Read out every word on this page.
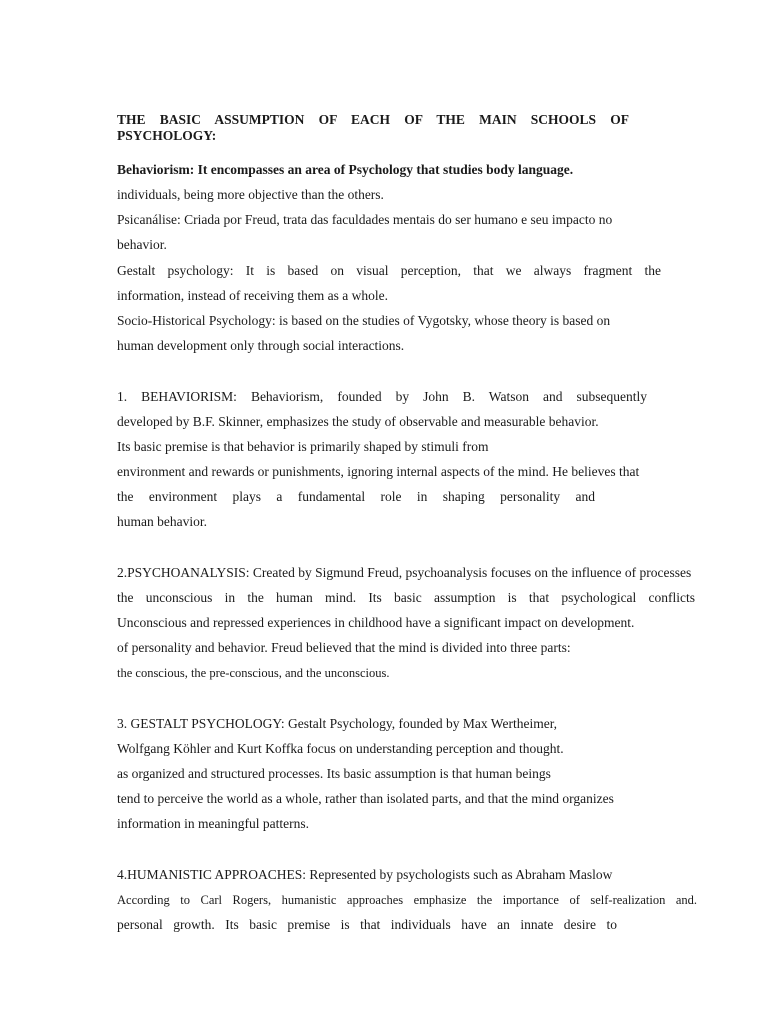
THE BASIC ASSUMPTION OF EACH OF THE MAIN SCHOOLS OF

PSYCHOLOGY:

Behaviorism: It encompasses an area of Psychology that studies body language.

individuals, being more objective than the others.

Psicanálise: Criada por Freud, trata das faculdades mentais do ser humano e seu impacto no

behavior.

Gestalt psychology: It is based on visual perception, that we always fragment the

information, instead of receiving them as a whole.

Socio-Historical Psychology: is based on the studies of Vygotsky, whose theory is based on

human development only through social interactions.

1. BEHAVIORISM: Behaviorism, founded by John B. Watson and subsequently

developed by B.F. Skinner, emphasizes the study of observable and measurable behavior.

Its basic premise is that behavior is primarily shaped by stimuli from

environment and rewards or punishments, ignoring internal aspects of the mind. He believes that

the environment plays a fundamental role in shaping personality and

human behavior.

2.PSYCHOANALYSIS: Created by Sigmund Freud, psychoanalysis focuses on the influence of processes

the unconscious in the human mind. Its basic assumption is that psychological conflicts

Unconscious and repressed experiences in childhood have a significant impact on development.

of personality and behavior. Freud believed that the mind is divided into three parts:

the conscious, the pre-conscious, and the unconscious.

3. GESTALT PSYCHOLOGY: Gestalt Psychology, founded by Max Wertheimer,

Wolfgang Köhler and Kurt Koffka focus on understanding perception and thought.

as organized and structured processes. Its basic assumption is that human beings

tend to perceive the world as a whole, rather than isolated parts, and that the mind organizes

information in meaningful patterns.

4.HUMANISTIC APPROACHES: Represented by psychologists such as Abraham Maslow

According to Carl Rogers, humanistic approaches emphasize the importance of self-realization and.

personal growth. Its basic premise is that individuals have an innate desire to
